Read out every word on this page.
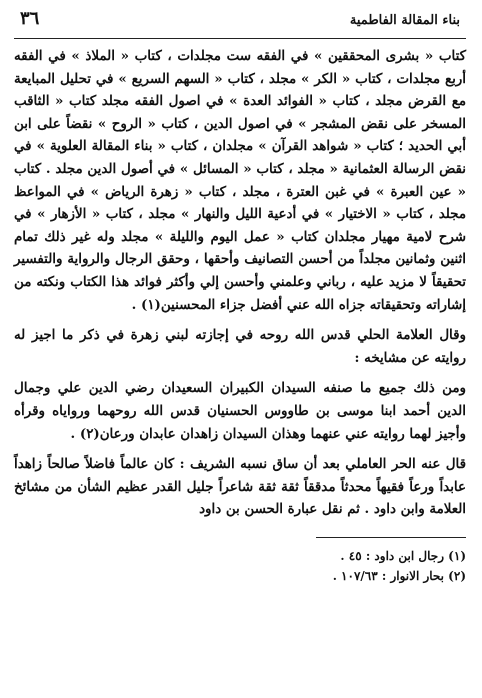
بناء المقالة الفاطمية
٣٦

كتاب « بشرى المحققين » في الفقه ست مجلدات ، كتاب « الملاذ » في الفقه أربع مجلدات ، كتاب « الكر » مجلد ، كتاب « السهم السريع » في تحليل المبايعة مع القرض مجلد ، كتاب « الفوائد العدة » في اصول الفقه مجلد كتاب « الثاقب المسخر على نقض المشجر » في اصول الدين ، كتاب « الروح » نقضاً على ابن أبي الحديد ؛ كتاب « شواهد القرآن » مجلدان ، كتاب « بناء المقالة العلوية » في نقض الرسالة العثمانية « مجلد ، كتاب « المسائل » في أصول الدين مجلد . كتاب « عين العبرة » في غبن العترة ، مجلد ، كتاب « زهرة الرياض » في المواعظ مجلد ، كتاب « الاختيار » في أدعية الليل والنهار » مجلد ، كتاب « الأزهار » في شرح لامية مهيار مجلدان كتاب « عمل اليوم والليلة » مجلد وله غير ذلك تمام اثنين وثمانين مجلداً من أحسن التصانيف وأحقها ، وحقق الرجال والرواية والتفسير تحقيقاً لا مزيد عليه ، رباني وعلمني وأحسن إلي وأكثر فوائد هذا الكتاب ونكته من إشاراته وتحقيقاته جزاه الله عني أفضل جزاء المحسنين(١) .

وقال العلامة الحلي قدس الله روحه في إجازته لبني زهرة في ذكر ما اجيز له روايته عن مشايخه :

ومن ذلك جميع ما صنفه السيدان الكبيران السعيدان رضي الدين علي وجمال الدين أحمد ابنا موسى بن طاووس الحسنيان قدس الله روحهما ورواياه وقرأه وأجيز لهما روايته عني عنهما وهذان السيدان زاهدان عابدان ورعان(٢) .

قال عنه الحر العاملي بعد أن ساق نسبه الشريف : كان عالماً فاضلاً صالحاً زاهداً عابداً ورعاً فقيهاً محدثاً مدققاً ثقة ثقة شاعراً جليل القدر عظيم الشأن من مشائخ العلامة وابن داود . ثم نقل عبارة الحسن بن داود

(١) رجال ابن داود : ٤٥ .

(٢) بحار الانوار : ١٠٧/٦٣ .
